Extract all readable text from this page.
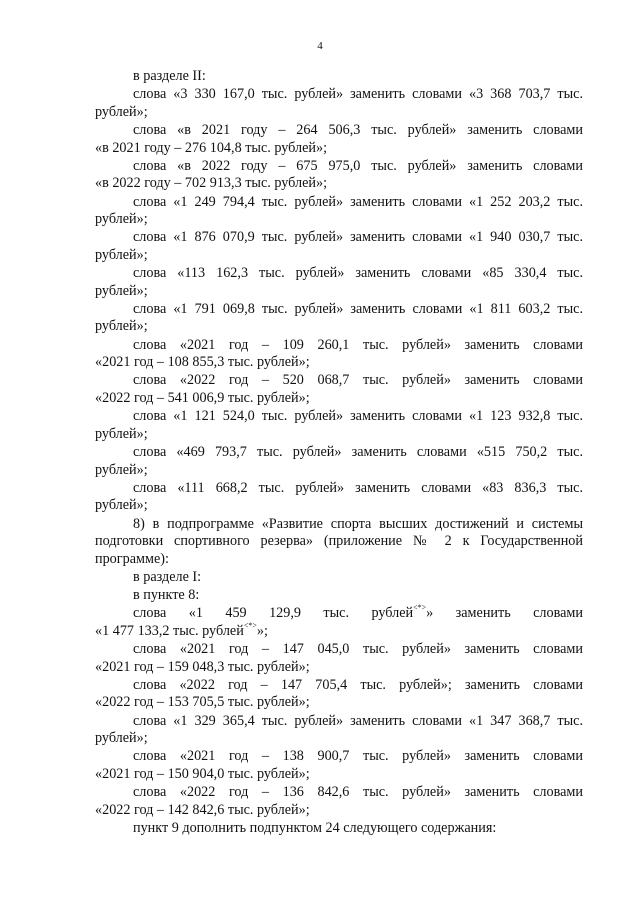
4

в разделе II:

слова «3 330 167,0 тыс. рублей» заменить словами «3 368 703,7 тыс.
рублей»;

слова «в 2021 году – 264 506,3 тыс. рублей» заменить словами
«в 2021 году – 276 104,8 тыс. рублей»;

слова «в 2022 году – 675 975,0 тыс. рублей» заменить словами
«в 2022 году – 702 913,3 тыс. рублей»;

слова «1 249 794,4 тыс. рублей» заменить словами «1 252 203,2 тыс.
рублей»;

слова «1 876 070,9 тыс. рублей» заменить словами «1 940 030,7 тыс.
рублей»;

слова «113 162,3 тыс. рублей» заменить словами «85 330,4 тыс.
рублей»;

слова «1 791 069,8 тыс. рублей» заменить словами «1 811 603,2 тыс.
рублей»;

слова «2021 год – 109 260,1 тыс. рублей» заменить словами
«2021 год – 108 855,3 тыс. рублей»;

слова «2022 год – 520 068,7 тыс. рублей» заменить словами
«2022 год – 541 006,9 тыс. рублей»;

слова «1 121 524,0 тыс. рублей» заменить словами «1 123 932,8 тыс.
рублей»;

слова «469 793,7 тыс. рублей» заменить словами «515 750,2 тыс.
рублей»;

слова «111 668,2 тыс. рублей» заменить словами «83 836,3 тыс.
рублей»;

8) в подпрограмме «Развитие спорта высших достижений и системы подготовки спортивного резерва» (приложение № 2 к Государственной программе):

в разделе I:

в пункте 8:

слова «1 459 129,9 тыс. рублей<*>» заменить словами
«1 477 133,2 тыс. рублей<*>»;

слова «2021 год – 147 045,0 тыс. рублей» заменить словами
«2021 год – 159 048,3 тыс. рублей»;

слова «2022 год – 147 705,4 тыс. рублей»; заменить словами
«2022 год – 153 705,5 тыс. рублей»;

слова «1 329 365,4 тыс. рублей» заменить словами «1 347 368,7 тыс.
рублей»;

слова «2021 год – 138 900,7 тыс. рублей» заменить словами
«2021 год – 150 904,0 тыс. рублей»;

слова «2022 год – 136 842,6 тыс. рублей» заменить словами
«2022 год – 142 842,6 тыс. рублей»;

пункт 9 дополнить подпунктом 24 следующего содержания:
